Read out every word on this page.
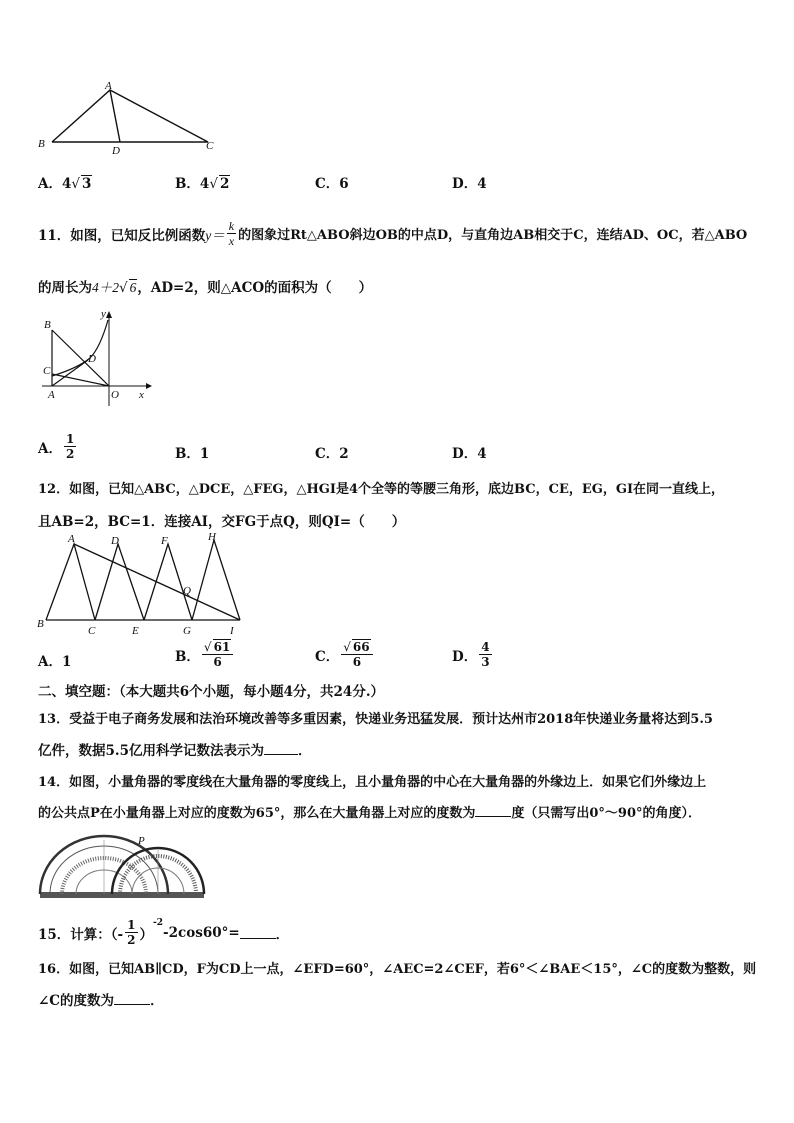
A
B
D	C
A．4√ 3	B．4√ 2	C．6	D．4
11．如图，已知反比例函数 $y= \frac{k}{x}$ 的图象过Rt△ABO斜边OB的中点D，与直角边AB相交于C，连结AD、OC，若△ABO
的周长为4＋2√ 6，AD=2，则△ACO的面积为（　　）
B
D
C
A	O x
y
A． $\frac{1}{2}$	B．1	C．2	D．4
12．如图，已知△ABC，△DCE，△FEG，△HGI是4个全等的等腰三角形，底边BC，CE，EG，GI在同一直线上，
且AB=2，BC=1．连接AI，交FG于点Q，则QI=（　　）
A	D	F	H
Q
B
C	E	G	I
A．1	B． $\frac{√ 61}{6}$	C． $\frac{√ 66}{6}$	D． $\frac{4}{3}$
二、填空题：（本大题共6个小题，每小题4分，共24分.）
13．受益于电子商务发展和法治环境改善等多重因素，快递业务迅猛发展．预计达州市2018年快递业务量将达到5.5
亿件，数据5.5亿用科学记数法表示为	．
14．如图，小量角器的零度线在大量角器的零度线上，且小量角器的中心在大量角器的外缘边上．如果它们外缘边上
的公共点P在小量角器上对应的度数为65°，那么在大量角器上对应的度数为	度（只需写出0°～90°的角度）．
P
15．计算：（- $\frac{1}{2}$ ）
$^{-2}$
-2cos60°=	．
16．如图，已知AB∥CD，F为CD上一点，∠EFD=60°，∠AEC=2∠CEF，若6°＜∠BAE＜15°，∠C的度数为整数，则
∠C的度数为	．
